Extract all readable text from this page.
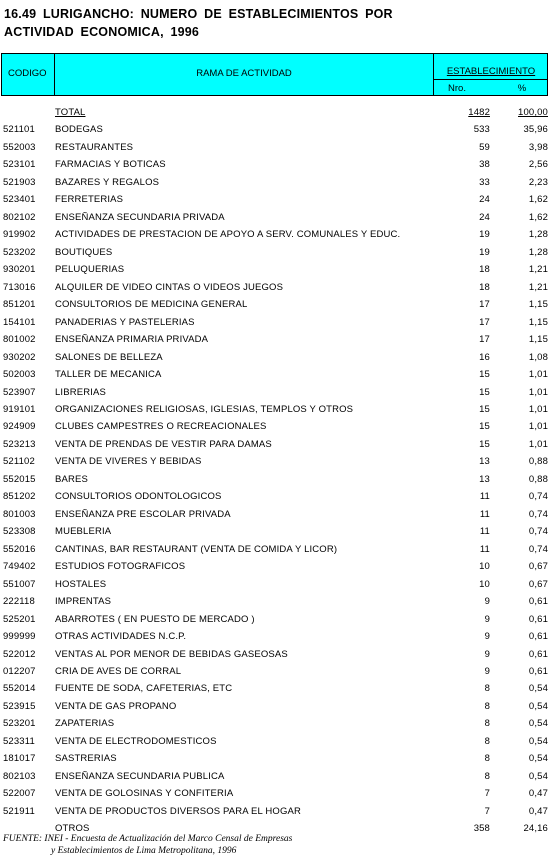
16.49 LURIGANCHO: NUMERO DE ESTABLECIMIENTOS POR
ACTIVIDAD ECONOMICA, 1996
CODIGO	RAMA DE ACTIVIDAD	ESTABLECIMIENTO
Nro.	%
TOTAL	1482	100,00
521101 BODEGAS	533	35,96
552003 RESTAURANTES	59	3,98
523101 FARMACIAS Y BOTICAS	38	2,56
521903 BAZARES Y REGALOS	33	2,23
523401 FERRETERIAS	24	1,62
802102 ENSEÑANZA SECUNDARIA PRIVADA	24	1,62
919902 ACTIVIDADES DE PRESTACION DE APOYO A SERV. COMUNALES Y EDUC.	19	1,28
523202 BOUTIQUES	19	1,28
930201 PELUQUERIAS	18	1,21
713016 ALQUILER DE VIDEO CINTAS O VIDEOS JUEGOS	18	1,21
851201 CONSULTORIOS DE MEDICINA GENERAL	17	1,15
154101 PANADERIAS Y PASTELERIAS	17	1,15
801002 ENSEÑANZA PRIMARIA PRIVADA	17	1,15
930202 SALONES DE BELLEZA	16	1,08
502003 TALLER DE MECANICA	15	1,01
523907 LIBRERIAS	15	1,01
919101 ORGANIZACIONES RELIGIOSAS, IGLESIAS, TEMPLOS Y OTROS	15	1,01
924909 CLUBES CAMPESTRES O RECREACIONALES	15	1,01
523213 VENTA DE PRENDAS DE VESTIR PARA DAMAS	15	1,01
521102 VENTA DE VIVERES Y BEBIDAS	13	0,88
552015 BARES	13	0,88
851202 CONSULTORIOS ODONTOLOGICOS	11	0,74
801003 ENSEÑANZA PRE ESCOLAR PRIVADA	11	0,74
523308 MUEBLERIA	11	0,74
552016 CANTINAS, BAR RESTAURANT (VENTA DE COMIDA Y LICOR)	11	0,74
749402 ESTUDIOS FOTOGRAFICOS	10	0,67
551007 HOSTALES	10	0,67
222118 IMPRENTAS	9	0,61
525201 ABARROTES ( EN PUESTO DE MERCADO )	9	0,61
999999 OTRAS ACTIVIDADES N.C.P.	9	0,61
522012 VENTAS AL POR MENOR DE BEBIDAS GASEOSAS	9	0,61
012207 CRIA DE AVES DE CORRAL	9	0,61
552014 FUENTE DE SODA, CAFETERIAS, ETC	8	0,54
523915 VENTA DE GAS PROPANO	8	0,54
523201 ZAPATERIAS	8	0,54
523311 VENTA DE ELECTRODOMESTICOS	8	0,54
181017 SASTRERIAS	8	0,54
802103 ENSEÑANZA SECUNDARIA PUBLICA	8	0,54
522007 VENTA DE GOLOSINAS Y CONFITERIA	7	0,47
521911 VENTA DE PRODUCTOS DIVERSOS PARA EL HOGAR	7	0,47
OTROS	358	24,16
FUENTE: INEI - Encuesta de Actualización del Marco Censal de Empresas
y Establecimientos de Lima Metropolitana, 1996
